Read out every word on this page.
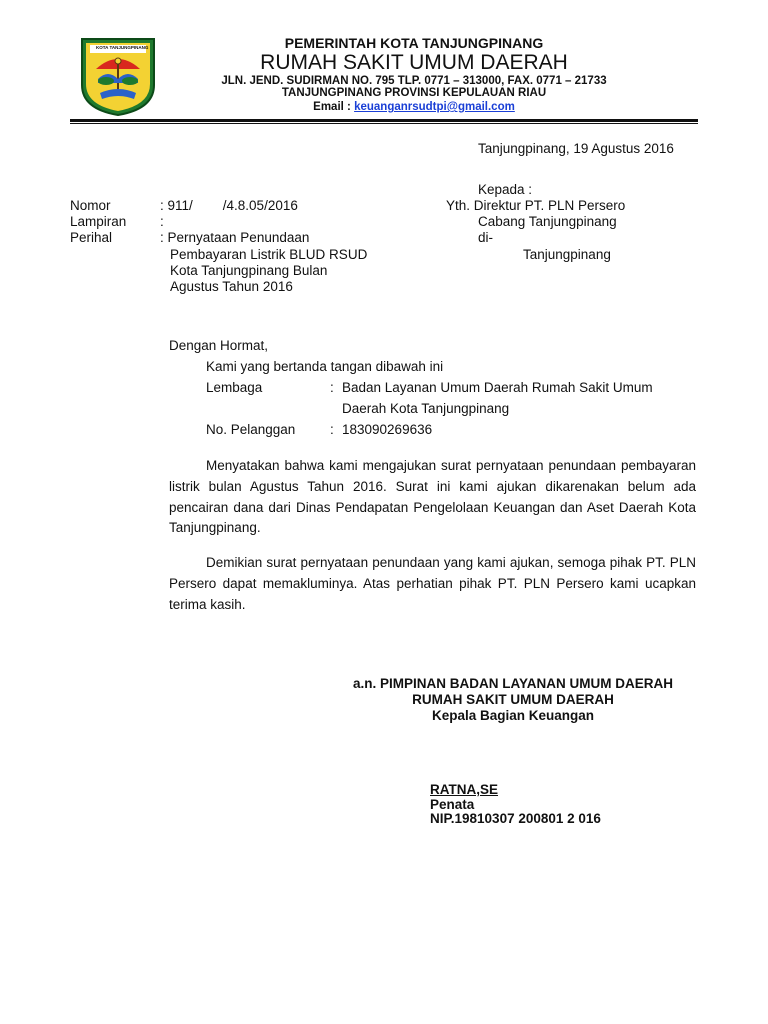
KOTA TANJUNGPINANG	PEMERINTAH KOTA TANJUNGPINANG
RUMAH SAKIT UMUM DAERAH
JLN. JEND. SUDIRMAN NO. 795 TLP. 0771 – 313000, FAX. 0771 – 21733
TANJUNGPINANG PROVINSI KEPULAUAN RIAU
Email : keuanganrsudtpi@gmail.com
Tanjungpinang, 19 Agustus 2016
Kepada :
Yth. Direktur PT. PLN Persero
Cabang Tanjungpinang
di-
Tanjungpinang
Nomor	: 911/        /4.8.05/2016
Lampiran :
Perihal	: Pernyataan Penundaan
Pembayaran Listrik BLUD RSUD
Kota Tanjungpinang Bulan
Agustus Tahun 2016
Dengan Hormat,
Kami yang bertanda tangan dibawah ini
Lembaga	: Badan Layanan Umum Daerah Rumah Sakit Umum
Daerah Kota Tanjungpinang
No. Pelanggan	: 183090269636
Menyatakan bahwa kami mengajukan surat pernyataan penundaan pembayaran listrik bulan Agustus Tahun 2016. Surat ini kami ajukan dikarenakan belum ada pencairan dana dari Dinas Pendapatan Pengelolaan Keuangan dan Aset Daerah Kota Tanjungpinang.
Demikian surat pernyataan penundaan yang kami ajukan, semoga pihak PT. PLN Persero dapat memakluminya. Atas perhatian pihak PT. PLN Persero kami ucapkan terima kasih.
a.n. PIMPINAN BADAN LAYANAN UMUM DAERAH
RUMAH SAKIT UMUM DAERAH
Kepala Bagian Keuangan
RATNA,SE
Penata
NIP.19810307 200801 2 016
